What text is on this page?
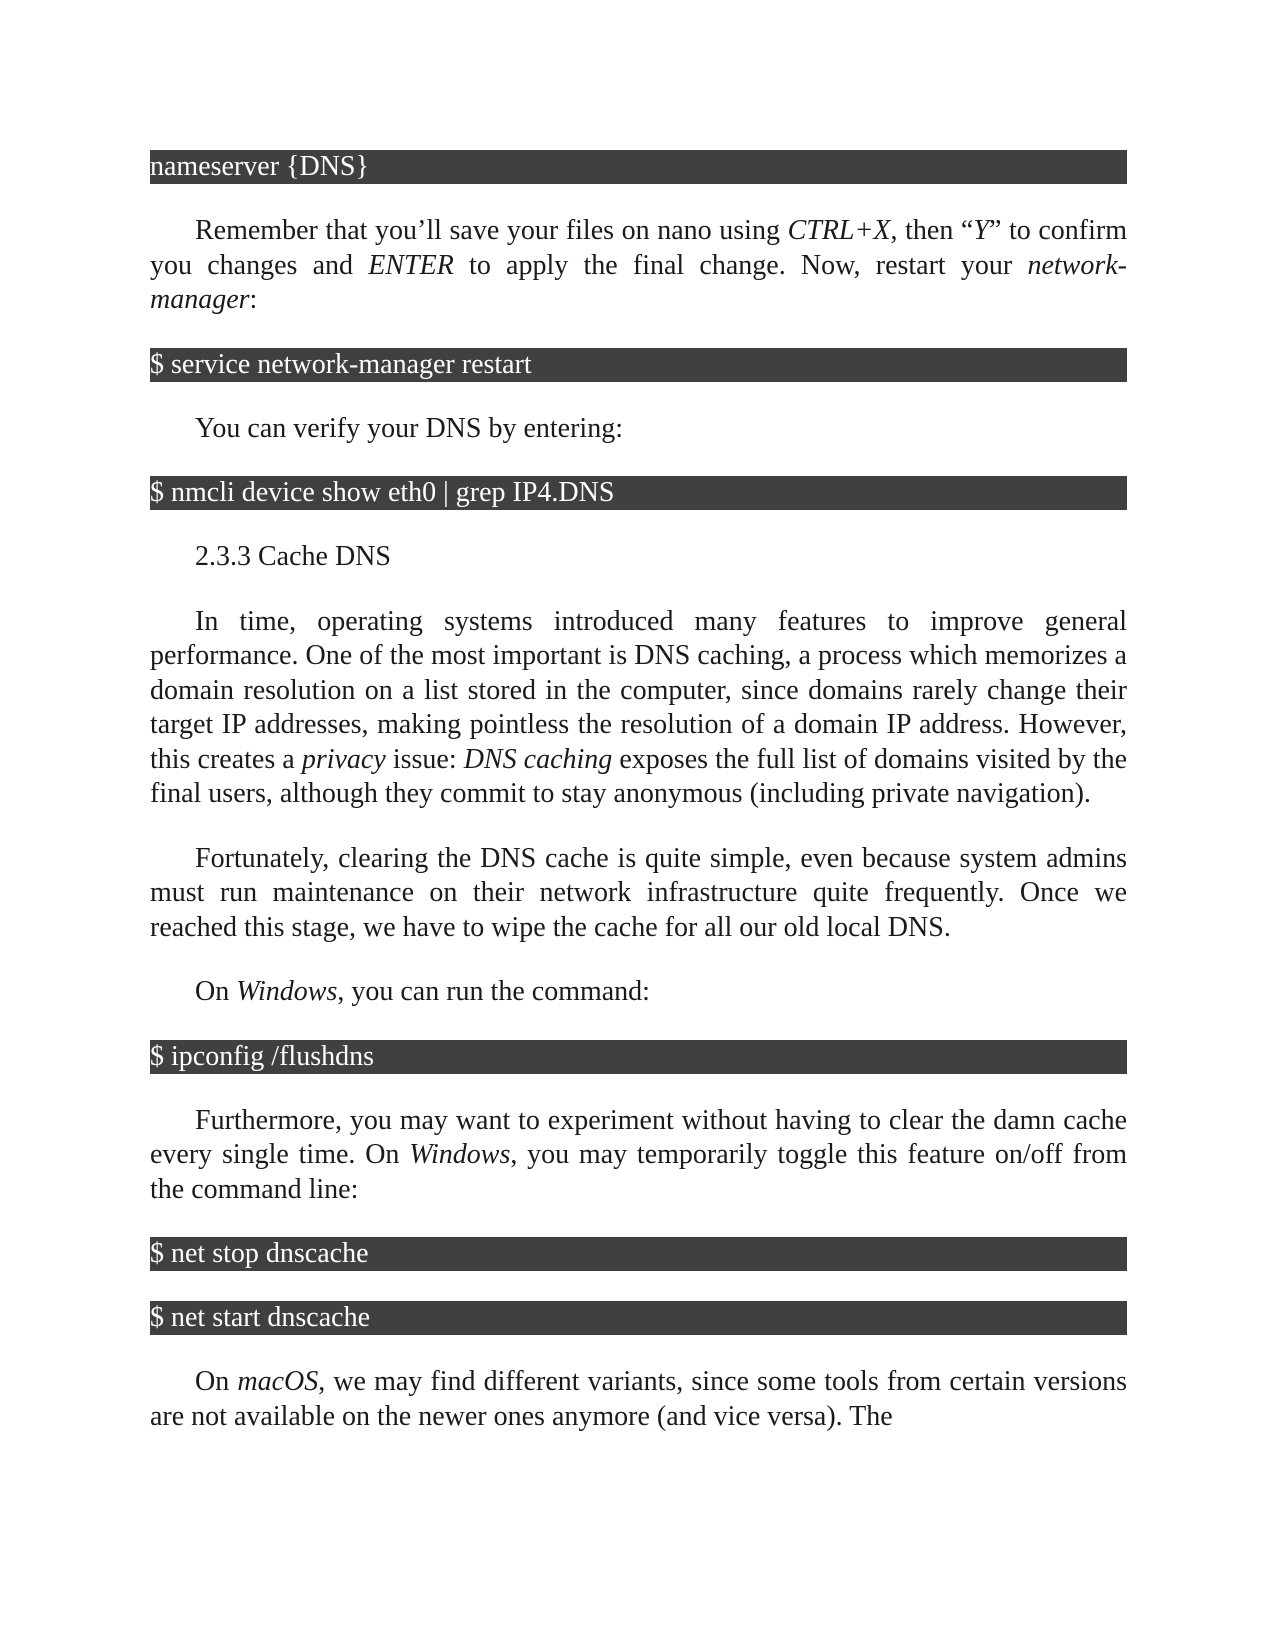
nameserver {DNS}

Remember that you’ll save your files on nano using CTRL+X, then “Y” to confirm you changes and ENTER to apply the final change. Now, restart your network-manager:

$ service network-manager restart

You can verify your DNS by entering:

$ nmcli device show eth0 | grep IP4.DNS

2.3.3 Cache DNS

In time, operating systems introduced many features to improve general performance. One of the most important is DNS caching, a process which memorizes a domain resolution on a list stored in the computer, since domains rarely change their target IP addresses, making pointless the resolution of a domain IP address. However, this creates a privacy issue: DNS caching exposes the full list of domains visited by the final users, although they commit to stay anonymous (including private navigation).

Fortunately, clearing the DNS cache is quite simple, even because system admins must run maintenance on their network infrastructure quite frequently. Once we reached this stage, we have to wipe the cache for all our old local DNS.

On Windows, you can run the command:

$ ipconfig /flushdns

Furthermore, you may want to experiment without having to clear the damn cache every single time. On Windows, you may temporarily toggle this feature on/off from the command line:

$ net stop dnscache
$ net start dnscache

On macOS, we may find different variants, since some tools from certain versions are not available on the newer ones anymore (and vice versa). The
